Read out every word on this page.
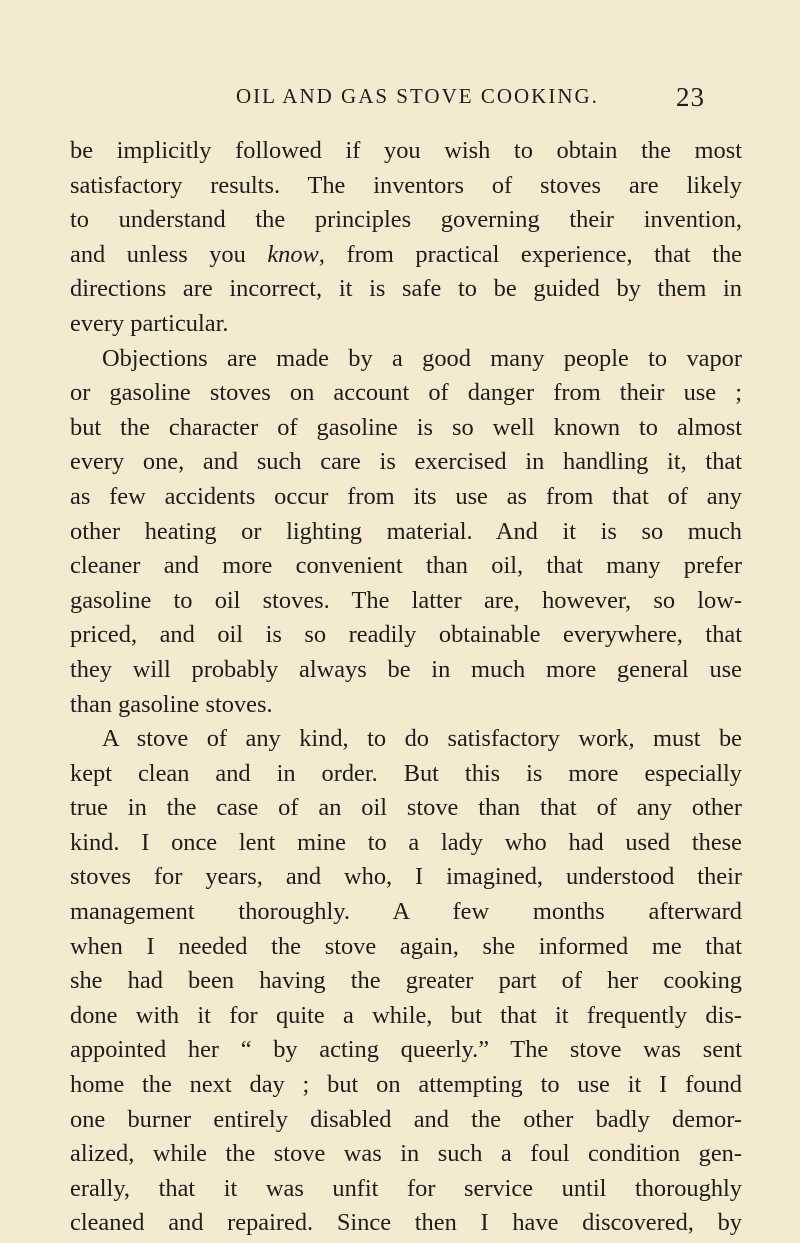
OIL AND GAS STOVE COOKING.	23
be implicitly followed if you wish to obtain the most
satisfactory results. The inventors of stoves are likely
to understand the principles governing their invention,
and unless you know, from practical experience, that the
directions are incorrect, it is safe to be guided by them in
every particular.
Objections are made by a good many people to vapor
or gasoline stoves on account of danger from their use ;
but the character of gasoline is so well known to almost
every one, and such care is exercised in handling it, that
as few accidents occur from its use as from that of any
other heating or lighting material. And it is so much
cleaner and more convenient than oil, that many prefer
gasoline to oil stoves. The latter are, however, so low-
priced, and oil is so readily obtainable everywhere, that
they will probably always be in much more general use
than gasoline stoves.
A stove of any kind, to do satisfactory work, must be
kept clean and in order. But this is more especially
true in the case of an oil stove than that of any other
kind. I once lent mine to a lady who had used these
stoves for years, and who, I imagined, understood their
management thoroughly. A few months afterward
when I needed the stove again, she informed me that
she had been having the greater part of her cooking
done with it for quite a while, but that it frequently dis-
appointed her “ by acting queerly.” The stove was sent
home the next day ; but on attempting to use it I found
one burner entirely disabled and the other badly demor-
alized, while the stove was in such a foul condition gen-
erally, that it was unfit for service until thoroughly
cleaned and repaired. Since then I have discovered, by
